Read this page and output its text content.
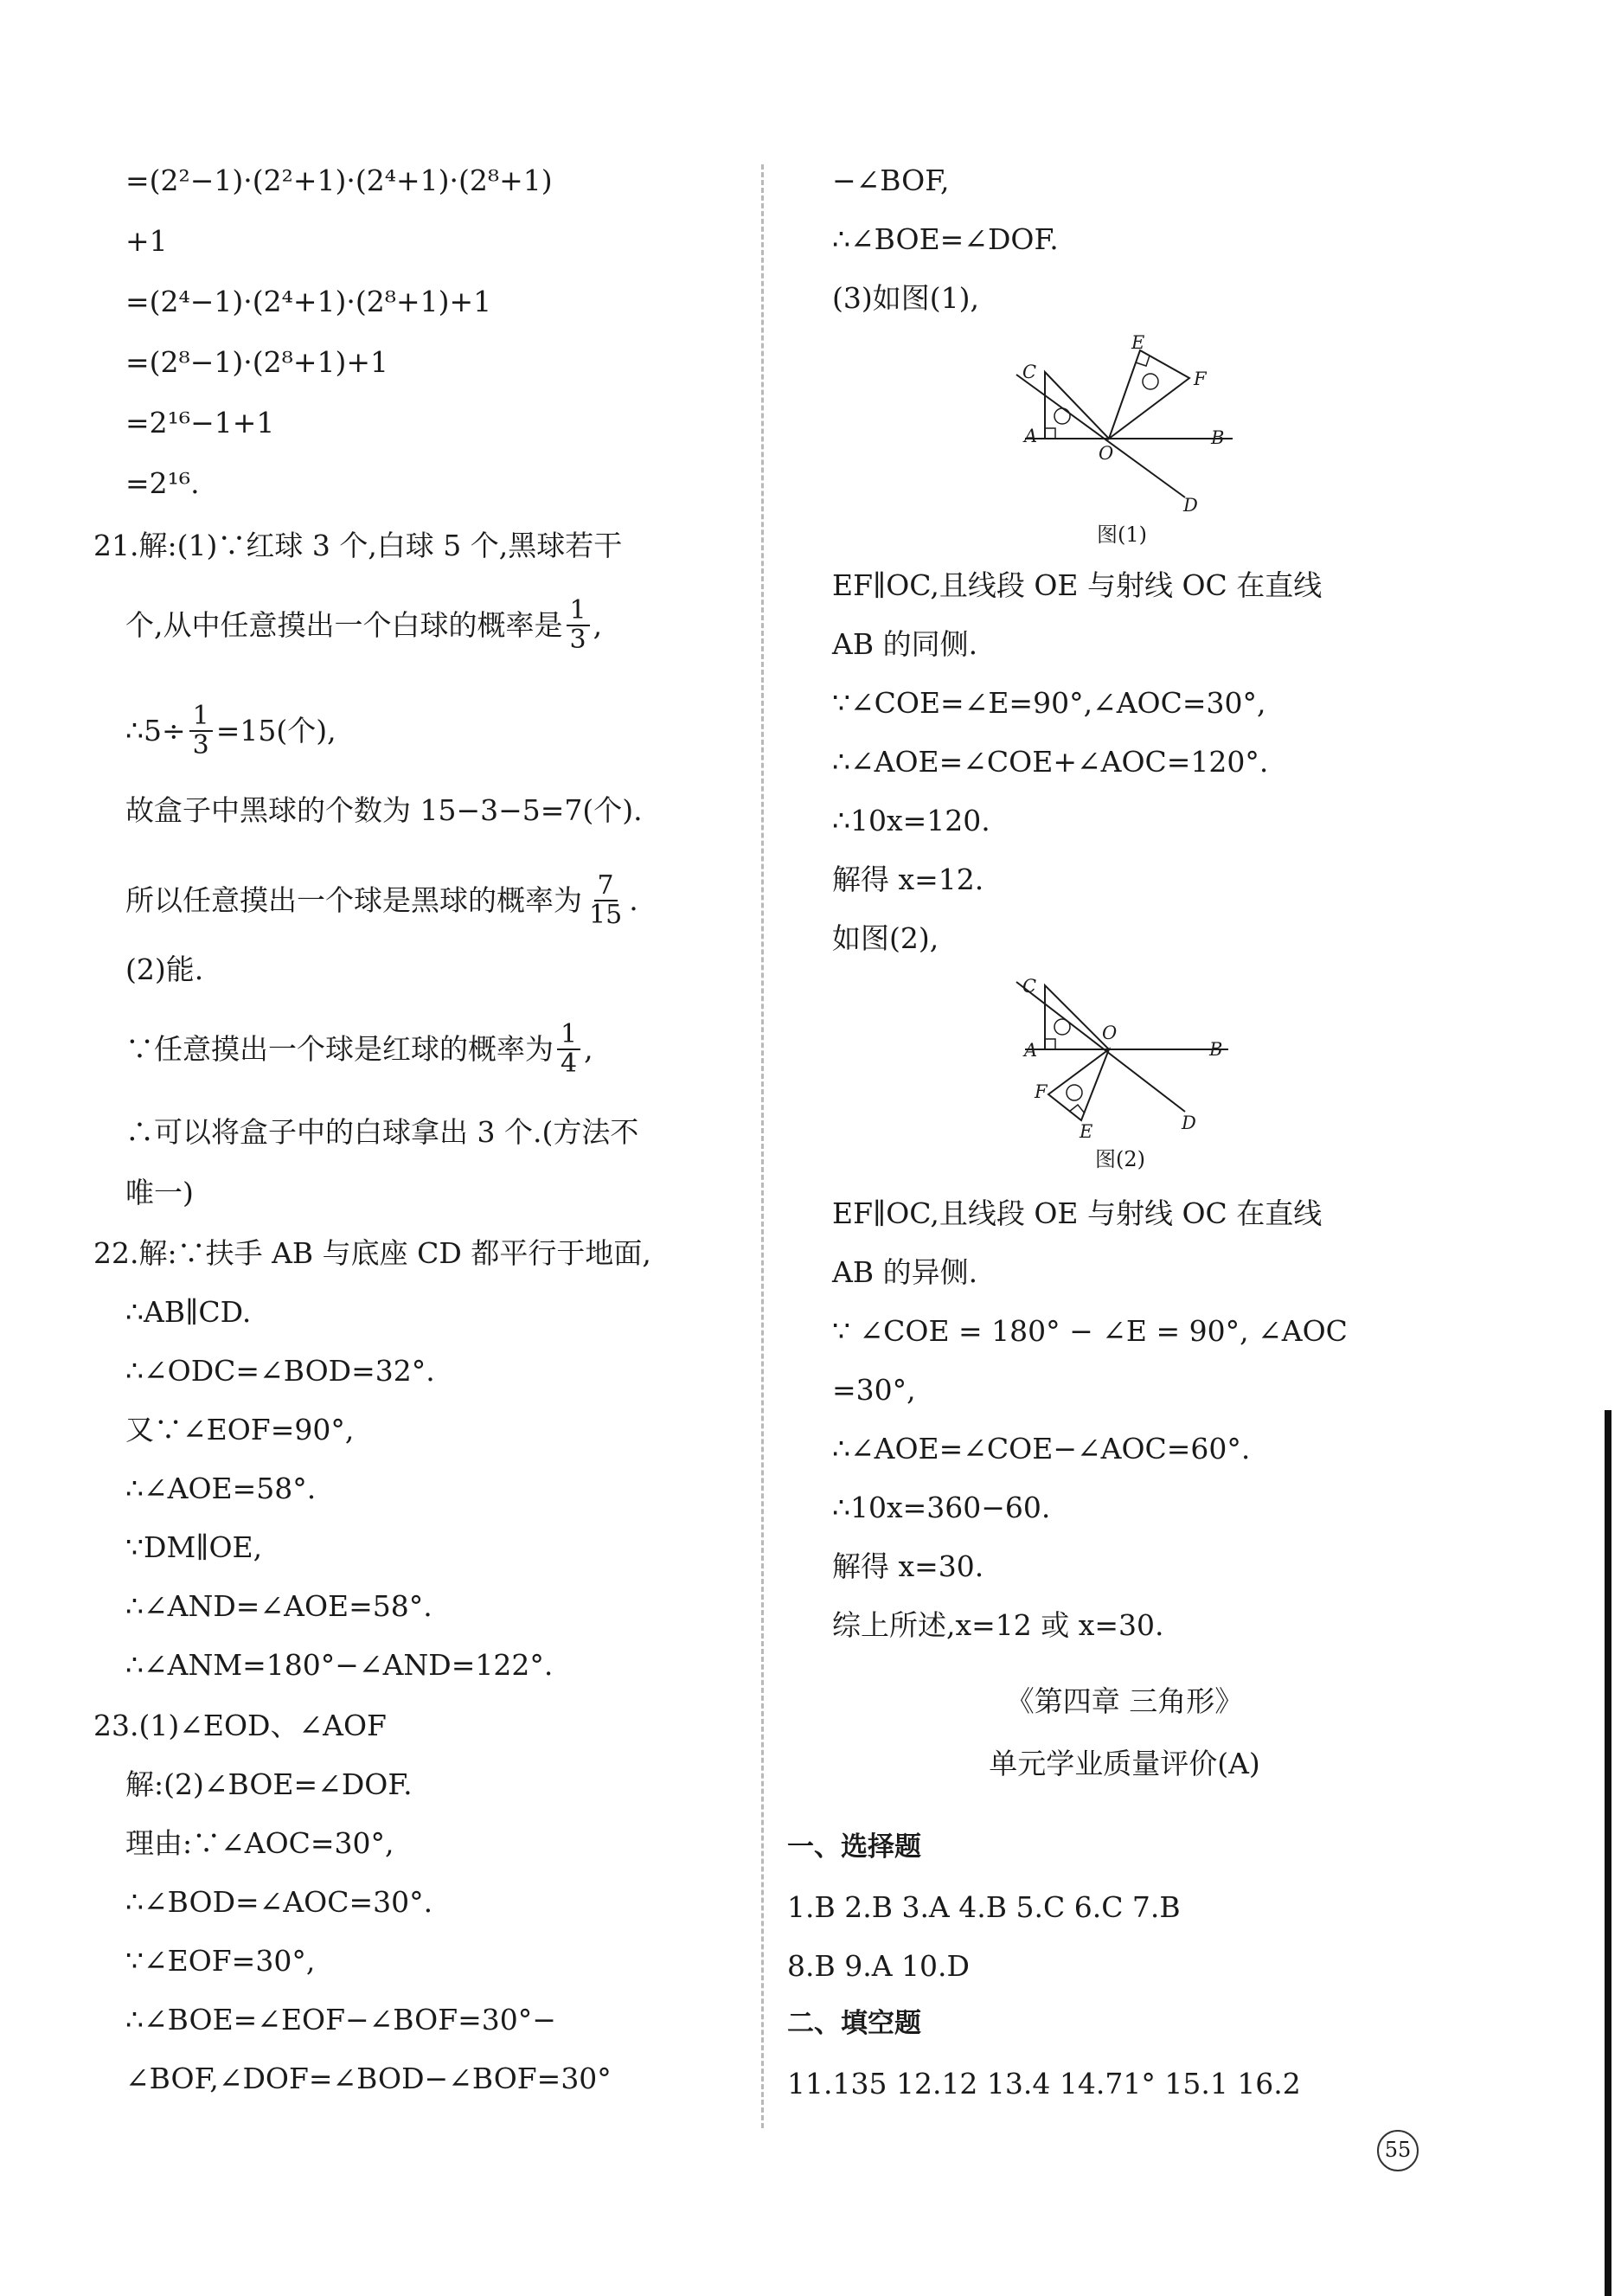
=(2²−1)·(2²+1)·(2⁴+1)·(2⁸+1)
+1
=(2⁴−1)·(2⁴+1)·(2⁸+1)+1
=(2⁸−1)·(2⁸+1)+1
=2¹⁶−1+1
=2¹⁶.
21.解:(1)∵红球 3 个,白球 5 个,黑球若干
个,从中任意摸出一个白球的概率是 $\frac{1}{3}$ ,
∴5÷ $\frac{1}{3} =15$(个),
故盒子中黑球的个数为 15−3−5=7(个).
所以任意摸出一个球是黑球的概率为 $\frac{7}{15}$ .
(2)能.
∵任意摸出一个球是红球的概率为 $\frac{1}{4}$ ,
∴可以将盒子中的白球拿出 3 个.(方法不
唯一)
22.解:∵扶手 AB 与底座 CD 都平行于地面,
∴AB∥CD.
∴∠ODC=∠BOD=32°.
又∵∠EOF=90°,
∴∠AOE=58°.
∵DM∥OE,
∴∠AND=∠AOE=58°.
∴∠ANM=180°−∠AND=122°.
23.(1)∠EOD、∠AOF
解:(2)∠BOE=∠DOF.
理由:∵∠AOC=30°,
∴∠BOD=∠AOC=30°.
∵∠EOF=30°,
∴∠BOE=∠EOF−∠BOF=30°−
∠BOF,∠DOF=∠BOD−∠BOF=30°
−∠BOF,
∴∠BOE=∠DOF.
(3)如图(1),
C
A
O
B
D
E
F
图(1)
EF∥OC,且线段 OE 与射线 OC 在直线
AB 的同侧.
∵∠COE=∠E=90°,∠AOC=30°,
∴∠AOE=∠COE+∠AOC=120°.
∴10x=120.
解得 x=12.
如图(2),
C
A
O
B
D
F
E
图(2)
EF∥OC,且线段 OE 与射线 OC 在直线
AB 的异侧.
∵ ∠COE = 180° − ∠E = 90°, ∠AOC
=30°,
∴∠AOE=∠COE−∠AOC=60°.
∴10x=360−60.
解得 x=30.
综上所述,x=12 或 x=30.
《第四章 三角形》
单元学业质量评价(A)
一、选择题
1.B 2.B 3.A 4.B 5.C 6.C 7.B
8.B 9.A 10.D
二、填空题
11.135 12.12 13.4 14.71° 15.1 16.2
55
